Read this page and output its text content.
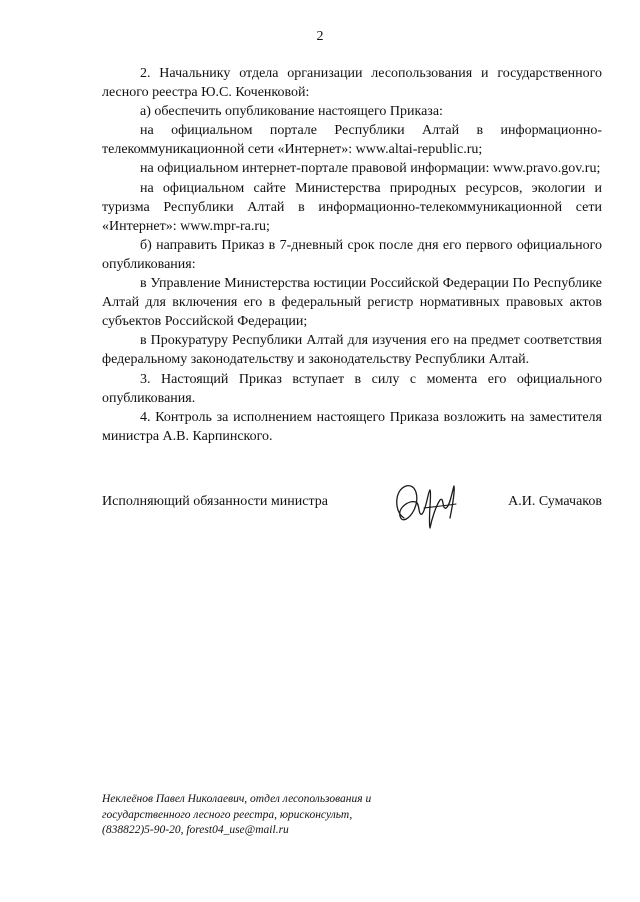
2

2. Начальнику отдела организации лесопользования и государственного лесного реестра Ю.С. Коченковой:

а) обеспечить опубликование настоящего Приказа:

на официальном портале Республики Алтай в информационно-телекоммуникационной сети «Интернет»: www.altai-republic.ru;

на официальном интернет-портале правовой информации: www.pravo.gov.ru;

на официальном сайте Министерства природных ресурсов, экологии и туризма Республики Алтай в информационно-телекоммуникационной сети «Интернет»: www.mpr-ra.ru;

б) направить Приказ в 7-дневный срок после дня его первого официального опубликования:

в Управление Министерства юстиции Российской Федерации По Республике Алтай для включения его в федеральный регистр нормативных правовых актов субъектов Российской Федерации;

в Прокуратуру Республики Алтай для изучения его на предмет соответствия федеральному законодательству и законодательству Республики Алтай.

3. Настоящий Приказ вступает в силу с момента его официального опубликования.

4. Контроль за исполнением настоящего Приказа возложить на заместителя министра А.В. Карпинского.

Исполняющий обязанности министра	А.И. Сумачаков
Неклеёнов Павел Николаевич, отдел лесопользования и
государственного лесного реестра, юрисконсульт,
(838822)5-90-20, forest04_use@mail.ru
